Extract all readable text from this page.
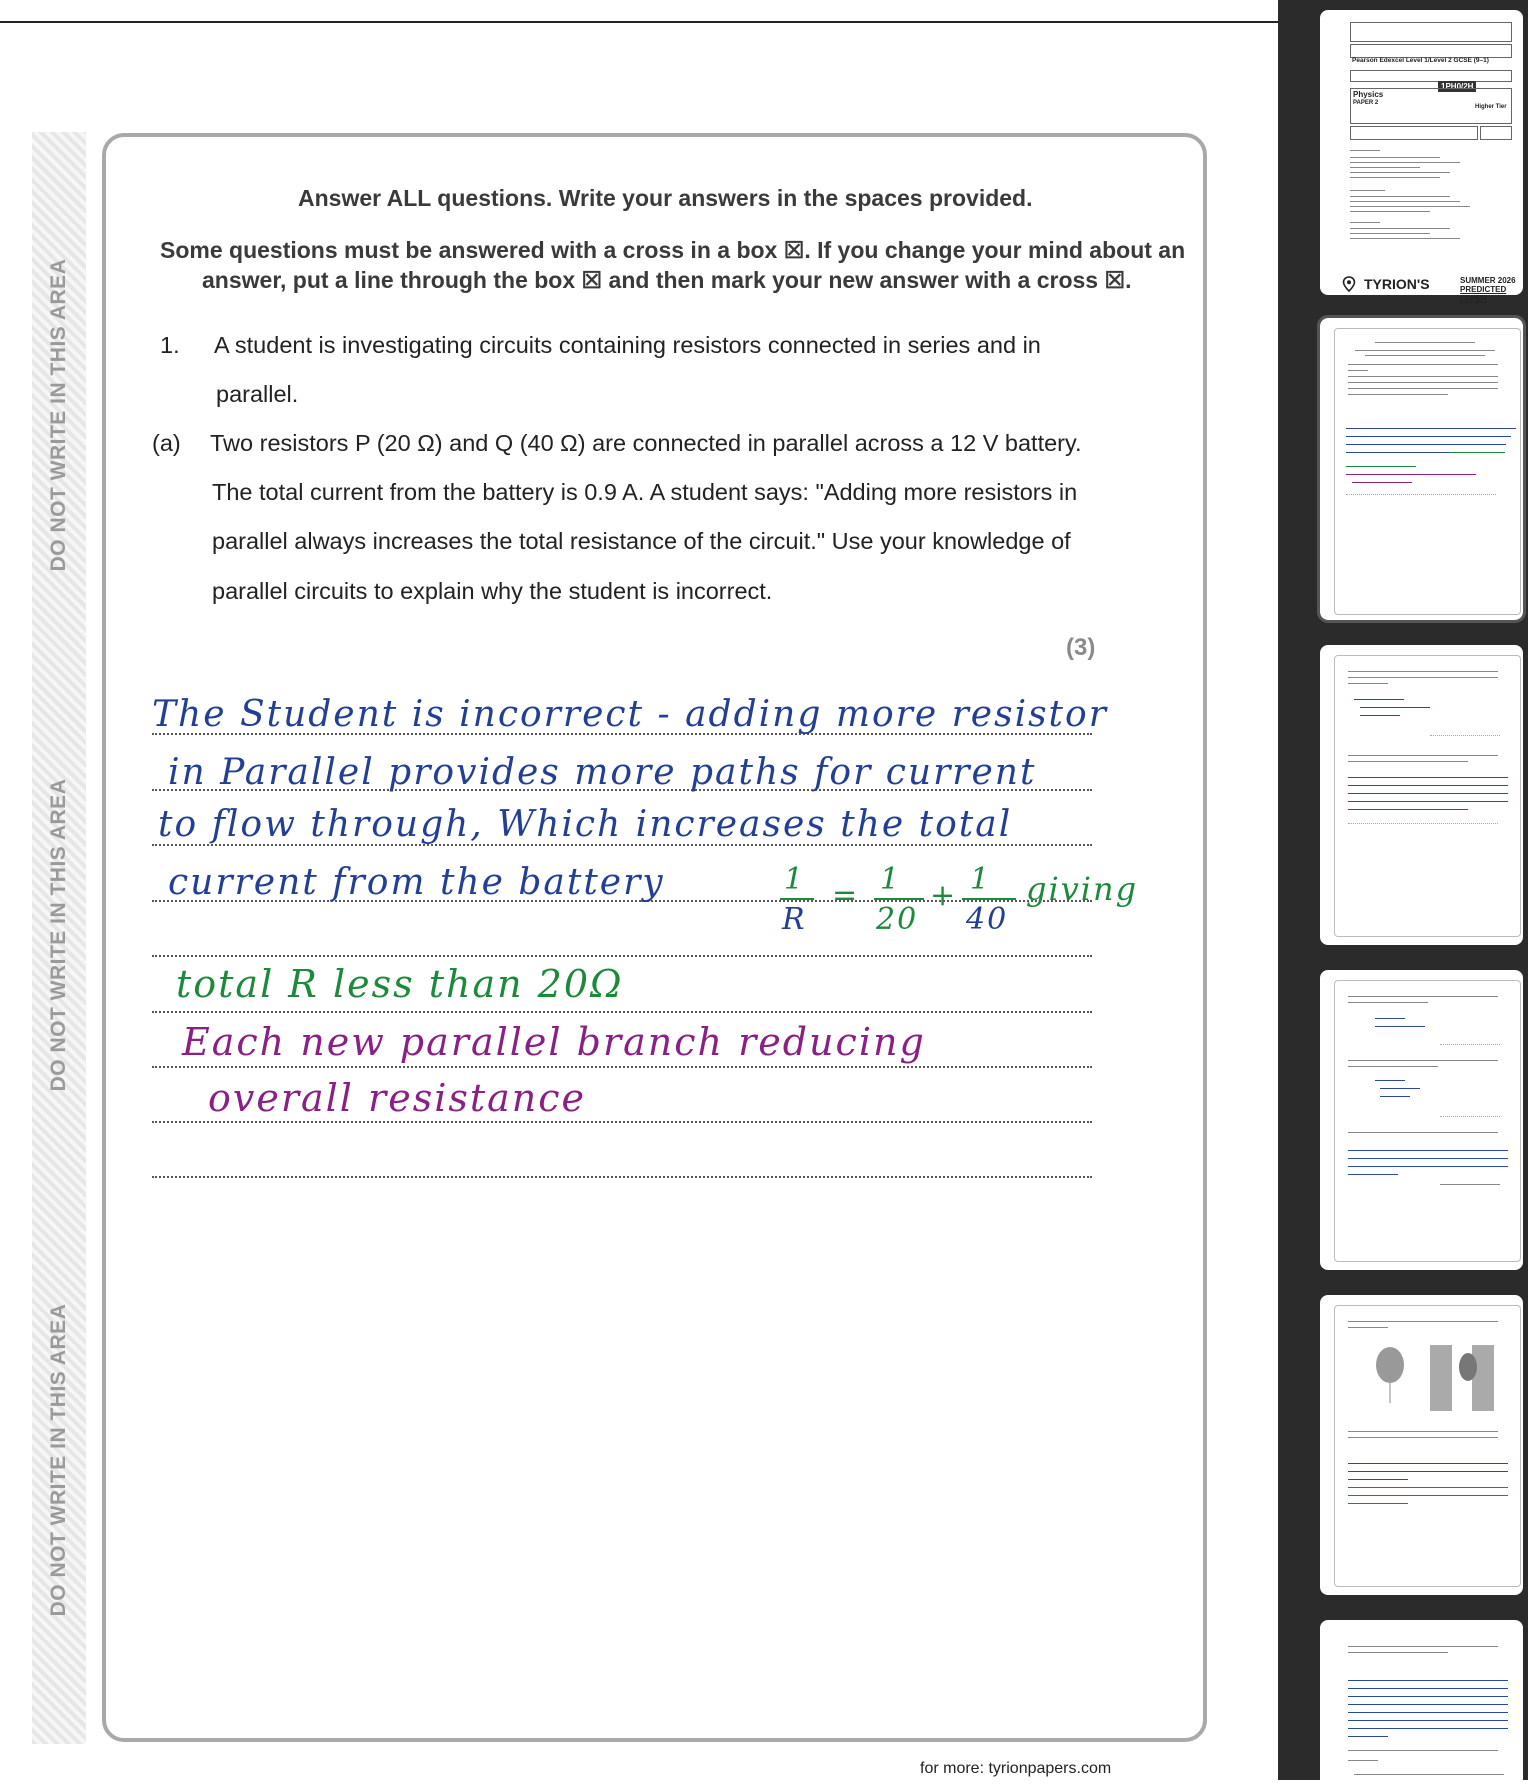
DO NOT WRITE IN THIS AREA
DO NOT WRITE IN THIS AREA
DO NOT WRITE IN THIS AREA
Answer ALL questions. Write your answers in the spaces provided.
Some questions must be answered with a cross in a box ☒. If you change your mind about an
answer, put a line through the box ☒ and then mark your new answer with a cross ☒.
1. A student is investigating circuits containing resistors connected in series and in
parallel.
(a) Two resistors P (20 Ω) and Q (40 Ω) are connected in parallel across a 12 V battery.
The total current from the battery is 0.9 A. A student says: "Adding more resistors in
parallel always increases the total resistance of the circuit." Use your knowledge of
parallel circuits to explain why the student is incorrect.
(3)
The Student is incorrect - adding more resistor
in Parallel provides more paths for current
to flow through, Which increases the total
current from the battery	1
R
= 1
20
+ 1
40
giving
total R less than 20Ω
Each new parallel branch reducing
overall resistance
for more: tyrionpapers.com
Pearson Edexcel Level 1/Level 2 GCSE (9–1)
1PH0/2H
Physics
PAPER 2
Higher Tier
TYRION'S	SUMMER 2026
PREDICTED PAPER
